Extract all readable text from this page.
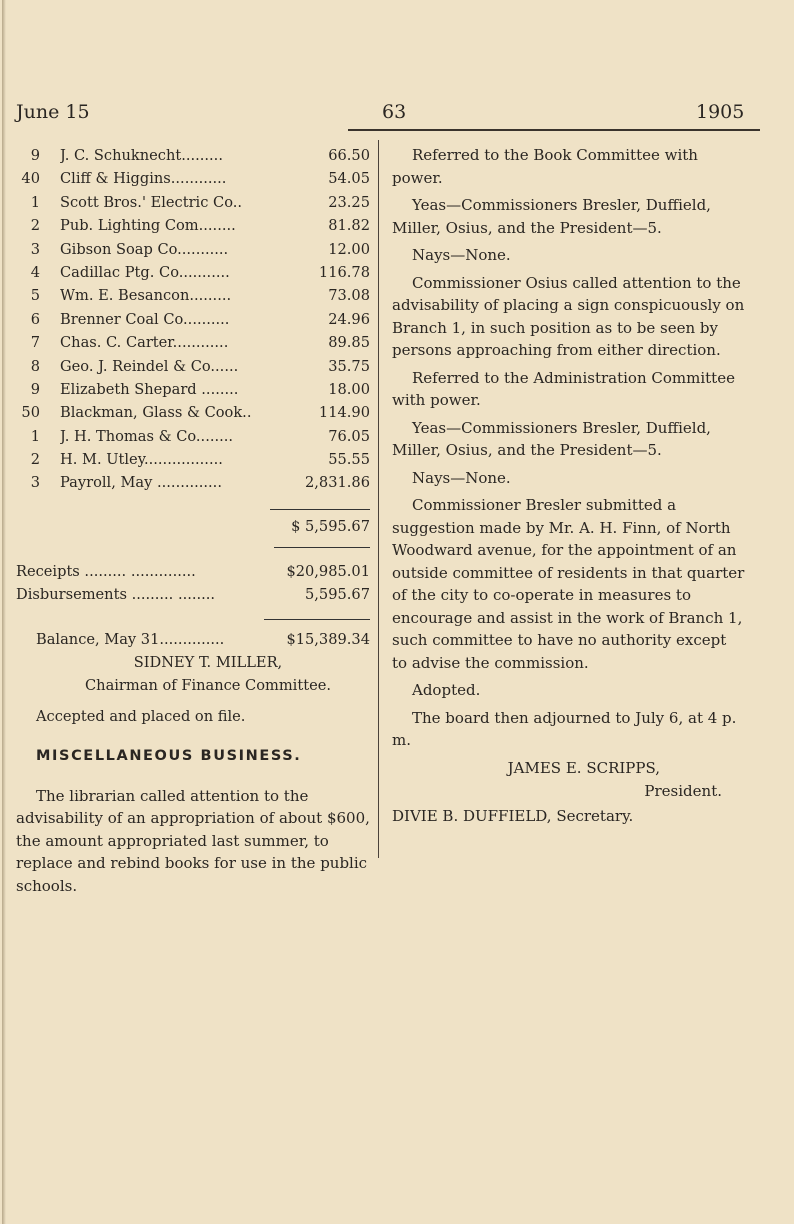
June 15	63	1905
9 J. C. Schuknecht.........	66.50
40 Cliff & Higgins............	54.05
1 Scott Bros.' Electric Co..	23.25
2 Pub. Lighting Com........	81.82
3 Gibson Soap Co...........	12.00
4 Cadillac Ptg. Co...........	116.78
5 Wm. E. Besancon.........	73.08
6 Brenner Coal Co..........	24.96
7 Chas. C. Carter............	89.85
8 Geo. J. Reindel & Co......	35.75
9 Elizabeth Shepard ........	18.00
50 Blackman, Glass & Cook..	114.90
1 J. H. Thomas & Co........	76.05
2 H. M. Utley.................	55.55
3 Payroll, May ..............	2,831.86
$ 5,595.67
Receipts ......... ..............	$20,985.01
Disbursements ......... ........	5,595.67
Balance, May 31..............	$15,389.34
SIDNEY T. MILLER,
Chairman of Finance Committee.
Accepted and placed on file.
MISCELLANEOUS BUSINESS.

The librarian called attention to the advisability of an appropriation of about $600, the amount appropriated last summer, to replace and rebind books for use in the public schools.

Referred to the Book Committee with power.

Yeas—Commissioners Bresler, Duffield, Miller, Osius, and the President—5.

Nays—None.

Commissioner Osius called attention to the advisability of placing a sign conspicuously on Branch 1, in such position as to be seen by persons approaching from either direction.

Referred to the Administration Committee with power.

Yeas—Commissioners Bresler, Duffield, Miller, Osius, and the President—5.

Nays—None.

Commissioner Bresler submitted a suggestion made by Mr. A. H. Finn, of North Woodward avenue, for the appointment of an outside committee of residents in that quarter of the city to co-operate in measures to encourage and assist in the work of Branch 1, such committee to have no authority except to advise the commission.

Adopted.

The board then adjourned to July 6, at 4 p. m.

JAMES E. SCRIPPS,
President.
DIVIE B. DUFFIELD, Secretary.
